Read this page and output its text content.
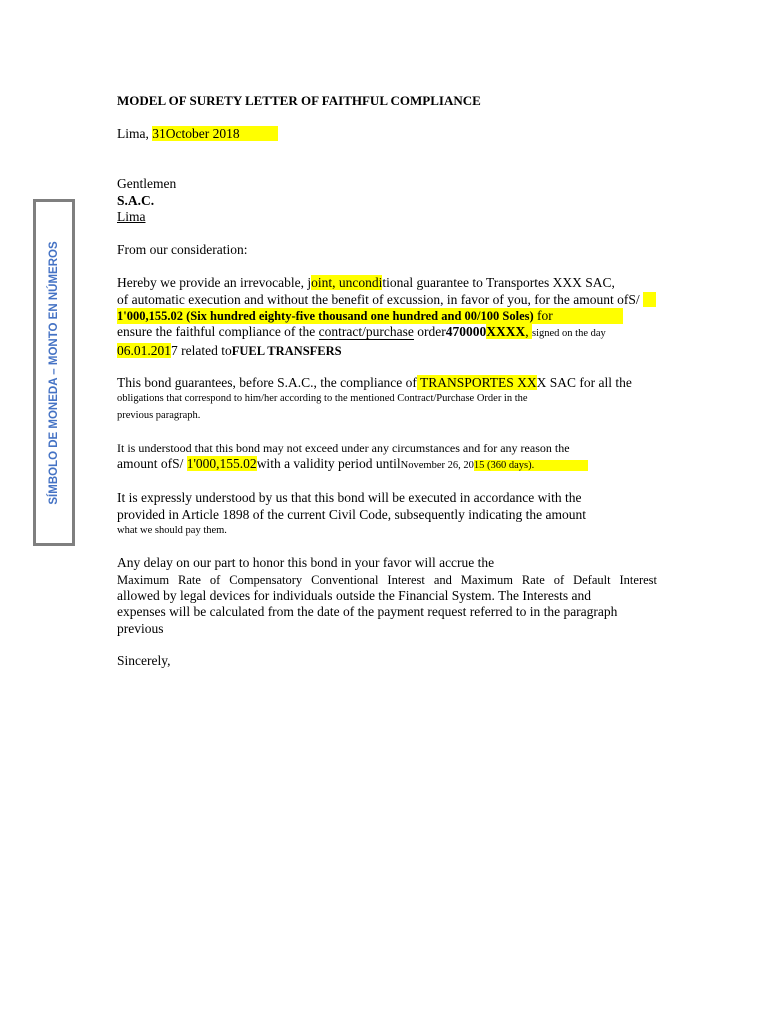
SÍMBOLO DE MONEDA – MONTO EN NÚMEROS
MODEL OF SURETY LETTER OF FAITHFUL COMPLIANCE
Lima, 31October 2018
Gentlemen
S.A.C.
Lima
From our consideration:
Hereby we provide an irrevocable, joint, unconditional guarantee to Transportes XXX SAC,
of automatic execution and without the benefit of excussion, in favor of you, for the amount ofS/
1'000,155.02 (Six hundred eighty-five thousand one hundred and 00/100 Soles) for
ensure the faithful compliance of the contract/purchase order470000XXXX, signed on the day
06.01.2017 related toFUEL TRANSFERS
This bond guarantees, before S.A.C., the compliance of TRANSPORTES XXX SAC for all the
obligations that correspond to him/her according to the mentioned Contract/Purchase Order in the
previous paragraph.
It is understood that this bond may not exceed under any circumstances and for any reason the
amount ofS/ 1'000,155.02with a validity period untilNovember 26, 2015 (360 days).
It is expressly understood by us that this bond will be executed in accordance with the
provided in Article 1898 of the current Civil Code, subsequently indicating the amount
what we should pay them.
Any delay on our part to honor this bond in your favor will accrue the
Maximum Rate of Compensatory Conventional Interest and Maximum Rate of Default Interest
allowed by legal devices for individuals outside the Financial System. The Interests and
expenses will be calculated from the date of the payment request referred to in the paragraph
previous
Sincerely,
